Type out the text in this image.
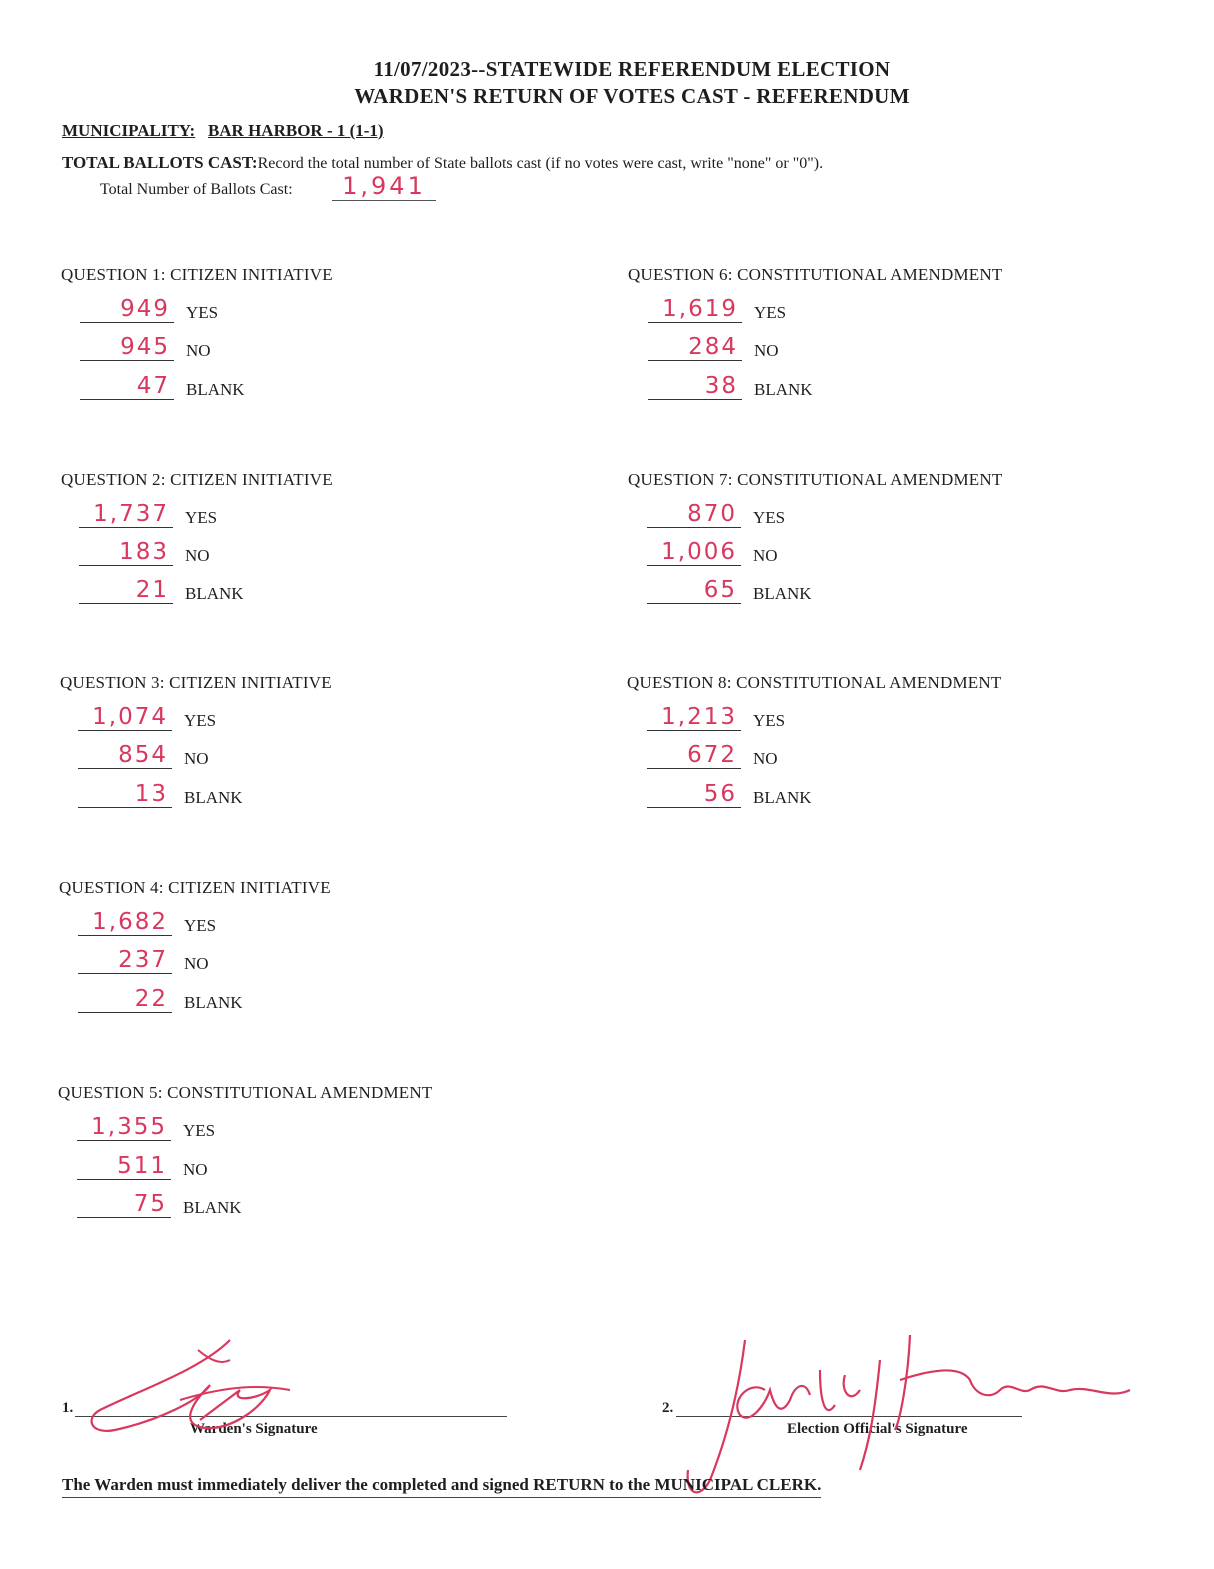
11/07/2023--STATEWIDE REFERENDUM ELECTION
WARDEN'S RETURN OF VOTES CAST - REFERENDUM
MUNICIPALITY: BAR HARBOR - 1 (1-1)
TOTAL BALLOTS CAST:Record the total number of State ballots cast (if no votes were cast, write "none" or "0").
Total Number of Ballots Cast:	1,941
QUESTION 1: CITIZEN INITIATIVE
949 YES
945 NO
47 BLANK
QUESTION 2: CITIZEN INITIATIVE
1,737 YES
183 NO
21 BLANK
QUESTION 3: CITIZEN INITIATIVE
1,074 YES
854 NO
13 BLANK
QUESTION 4: CITIZEN INITIATIVE
1,682 YES
237 NO
22 BLANK
QUESTION 5: CONSTITUTIONAL AMENDMENT
1,355 YES
511 NO
75 BLANK
QUESTION 6: CONSTITUTIONAL AMENDMENT
1,619 YES
284 NO
38 BLANK
QUESTION 7: CONSTITUTIONAL AMENDMENT
870 YES
1,006 NO
65 BLANK
QUESTION 8: CONSTITUTIONAL AMENDMENT
1,213 YES
672 NO
56 BLANK
1.
Warden's Signature
2.
Election Official's Signature
The Warden must immediately deliver the completed and signed RETURN to the MUNICIPAL CLERK.
